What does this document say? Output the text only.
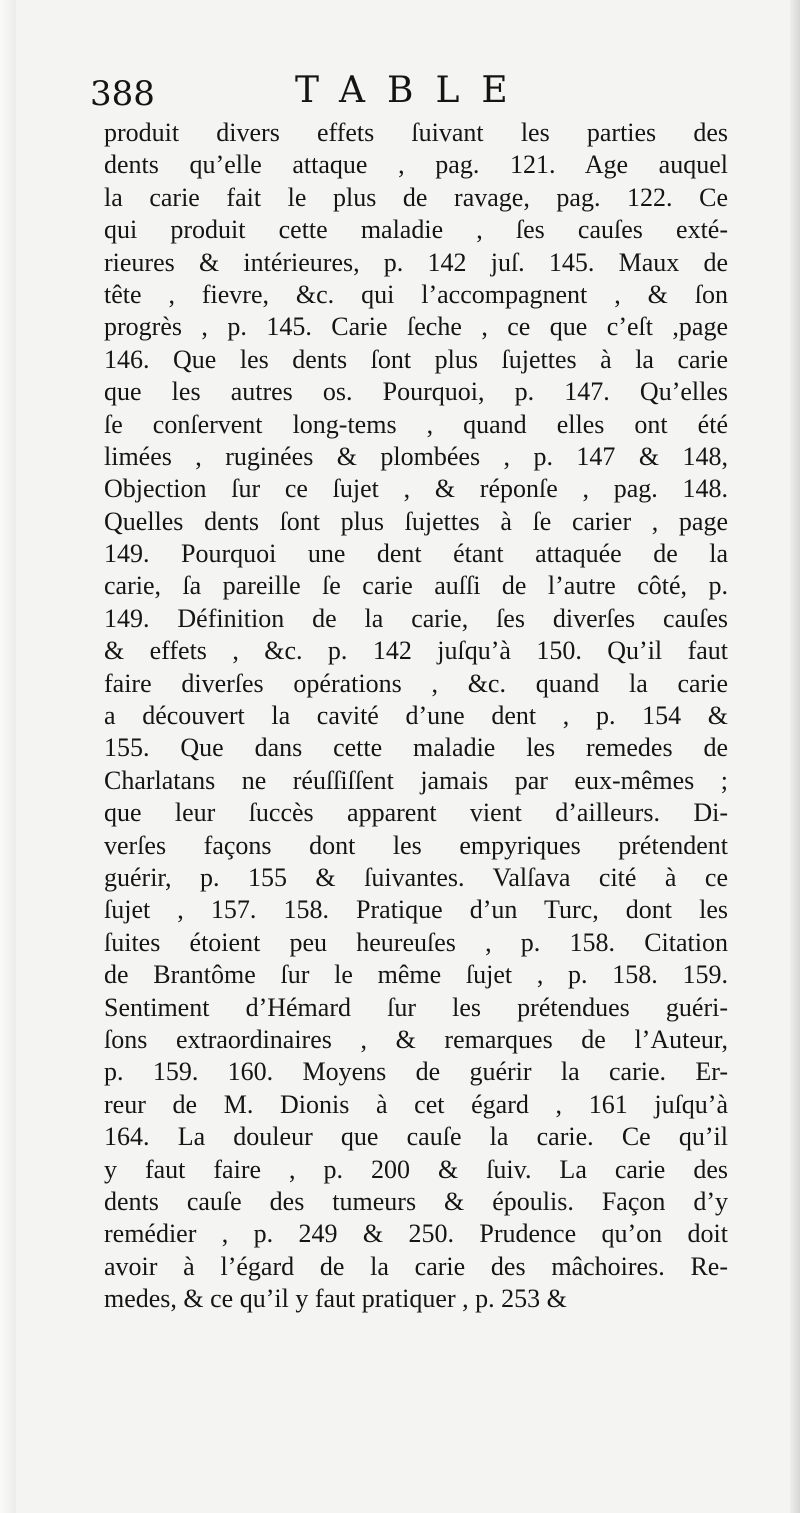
388	TABLE
produit divers effets ſuivant les parties des
dents qu’elle attaque , pag. 121. Age auquel
la carie fait le plus de ravage, pag. 122. Ce
qui produit cette maladie , ſes cauſes exté-
rieures & intérieures, p. 142 juſ. 145. Maux de
tête , fievre, &c. qui l’accompagnent , & ſon
progrès , p. 145. Carie ſeche , ce que c’eſt ,page
146. Que les dents ſont plus ſujettes à la carie
que les autres os. Pourquoi, p. 147. Qu’elles
ſe conſervent long-tems , quand elles ont été
limées , ruginées & plombées , p. 147 & 148,
Objection ſur ce ſujet , & réponſe , pag. 148.
Quelles dents ſont plus ſujettes à ſe carier , page
149. Pourquoi une dent étant attaquée de la
carie, ſa pareille ſe carie auſſi de l’autre côté, p.
149. Définition de la carie, ſes diverſes cauſes
& effets , &c. p. 142 juſqu’à 150. Qu’il faut
faire diverſes opérations , &c. quand la carie
a découvert la cavité d’une dent , p. 154 &
155. Que dans cette maladie les remedes de
Charlatans ne réuſſiſſent jamais par eux-mêmes ;
que leur ſuccès apparent vient d’ailleurs. Di-
verſes façons dont les empyriques prétendent
guérir, p. 155 & ſuivantes. Valſava cité à ce
ſujet , 157. 158. Pratique d’un Turc, dont les
ſuites étoient peu heureuſes , p. 158. Citation
de Brantôme ſur le même ſujet , p. 158. 159.
Sentiment d’Hémard ſur les prétendues guéri-
ſons extraordinaires , & remarques de l’Auteur,
p. 159. 160. Moyens de guérir la carie. Er-
reur de M. Dionis à cet égard , 161 juſqu’à
164. La douleur que cauſe la carie. Ce qu’il
y faut faire , p. 200 & ſuiv. La carie des
dents cauſe des tumeurs & époulis. Façon d’y
remédier , p. 249 & 250. Prudence qu’on doit
avoir à l’égard de la carie des mâchoires. Re-
medes, & ce qu’il y faut pratiquer , p. 253 &
